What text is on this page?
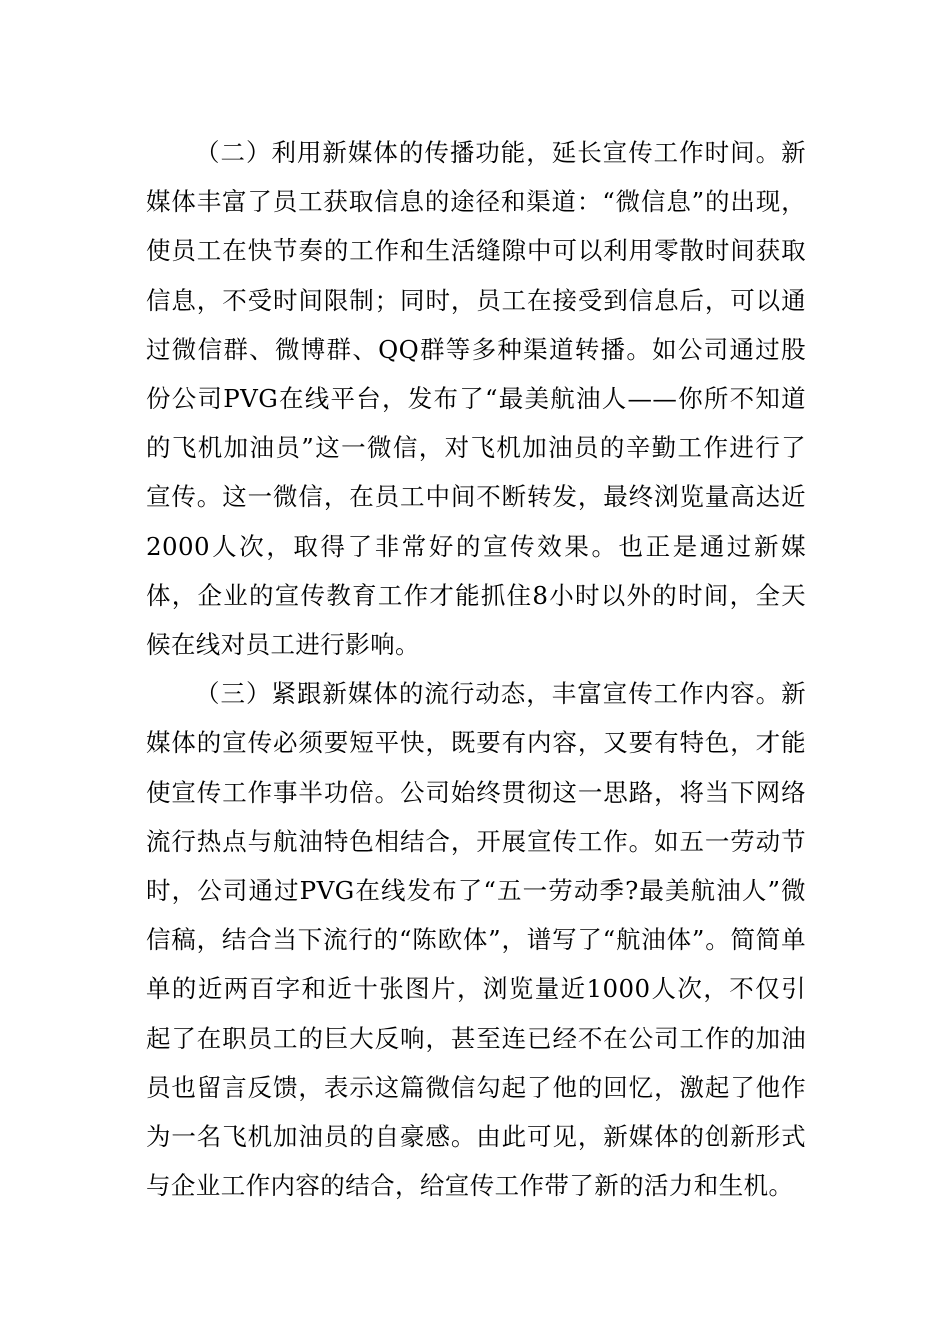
（二）利用新媒体的传播功能，延长宣传工作时间。新媒体丰富了员工获取信息的途径和渠道：“微信息”的出现，使员工在快节奏的工作和生活缝隙中可以利用零散时间获取信息，不受时间限制；同时，员工在接受到信息后，可以通过微信群、微博群、QQ群等多种渠道转播。如公司通过股份公司PVG在线平台，发布了“最美航油人——你所不知道的飞机加油员”这一微信，对飞机加油员的辛勤工作进行了宣传。这一微信，在员工中间不断转发，最终浏览量高达近2000人次，取得了非常好的宣传效果。也正是通过新媒体，企业的宣传教育工作才能抓住8小时以外的时间，全天候在线对员工进行影响。

（三）紧跟新媒体的流行动态，丰富宣传工作内容。新媒体的宣传必须要短平快，既要有内容，又要有特色，才能使宣传工作事半功倍。公司始终贯彻这一思路，将当下网络流行热点与航油特色相结合，开展宣传工作。如五一劳动节时，公司通过PVG在线发布了“五一劳动季?最美航油人”微信稿，结合当下流行的“陈欧体”，谱写了“航油体”。简简单单的近两百字和近十张图片，浏览量近1000人次，不仅引起了在职员工的巨大反响，甚至连已经不在公司工作的加油员也留言反馈，表示这篇微信勾起了他的回忆，激起了他作为一名飞机加油员的自豪感。由此可见，新媒体的创新形式与企业工作内容的结合，给宣传工作带了新的活力和生机。
